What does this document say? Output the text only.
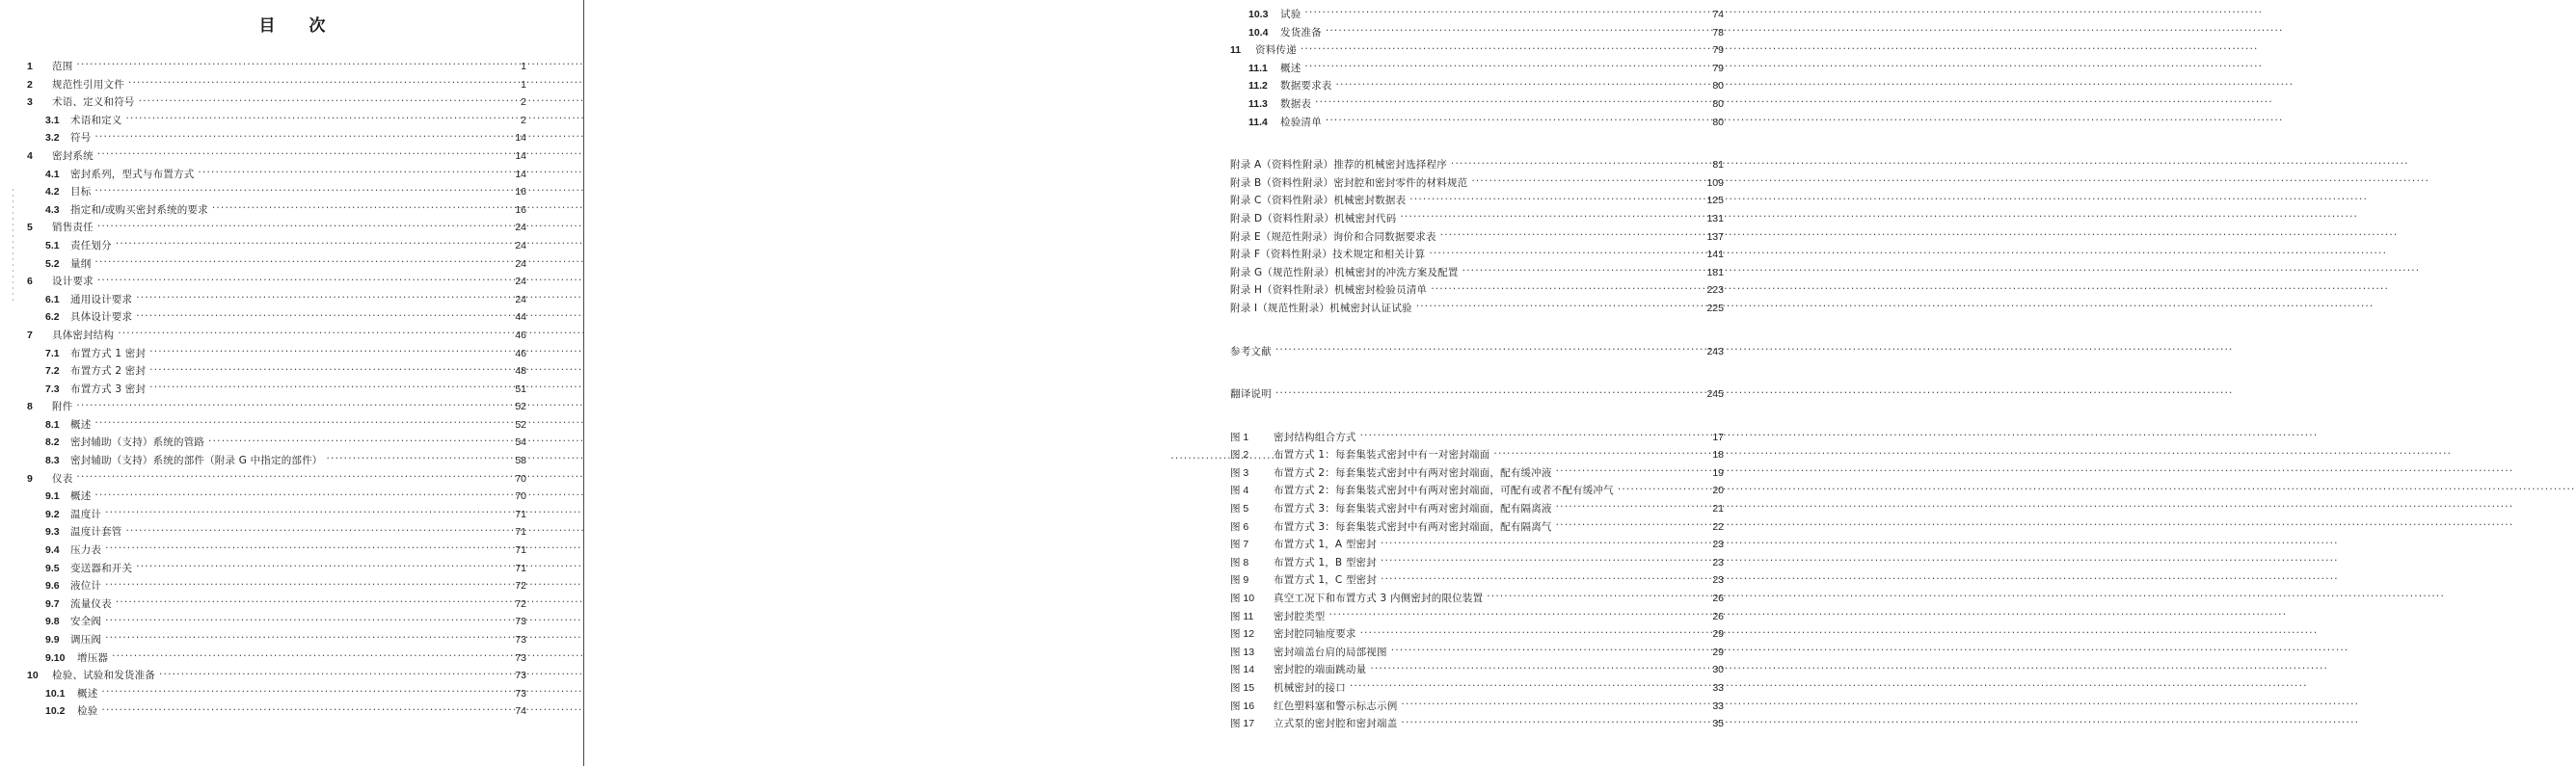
目　次
1	范围 .....	1
2	规范性引用文件 .....	1
3	术语、定义和符号 .....	2
3.1	术语和定义 .....	2
3.2	符号 .....	14
4	密封系统 .....	14
4.1	密封系列，型式与布置方式 .....	14
4.2	目标 .....	16
4.3	指定和/或购买密封系统的要求 .....	16
5	销售责任 .....	24
5.1	责任划分 .....	24
5.2	量纲 .....	24
6	设计要求 .....	24
6.1	通用设计要求 .....	24
6.2	具体设计要求 .....	44
7	具体密封结构 .....	46
7.1	布置方式 1 密封 .....	46
7.2	布置方式 2 密封 .....	48
7.3	布置方式 3 密封 .....	51
8	附件 .....	52
8.1	概述 .....	52
8.2	密封辅助（支持）系统的管路 .....	54
8.3	密封辅助（支持）系统的部件（附录 G 中指定的部件） .....	58
9	仪表 .....	70
9.1	概述 .....	70
9.2	温度计 .....	71
9.3	温度计套管 .....	71
9.4	压力表 .....	71
9.5	变送器和开关 .....	71
9.6	液位计 .....	72
9.7	流量仪表 .....	72
9.8	安全阀 .....	73
9.9	调压阀 .....	73
9.10	增压器 .....	73
10	检验、试验和发货准备 .....	73
10.1	概述 .....	73
10.2	检验 .....	74
10.3	试验 .....	74
10.4	发货准备 .....	78
11	资料传递 .....	79
11.1	概述 .....	79
11.2	数据要求表 .....	80
11.3	数据表 .....	80
11.4	检验清单 .....	80
附录 A（资料性附录）推荐的机械密封选择程序 .....	81
附录 B（资料性附录）密封腔和密封零件的材料规范 .....	109
附录 C（资料性附录）机械密封数据表 .....	125
附录 D（资料性附录）机械密封代码 .....	131
附录 E（规范性附录）询价和合同数据要求表 .....	137
附录 F（资料性附录）技术规定和相关计算 .....	141
附录 G（规范性附录）机械密封的冲洗方案及配置 .....	181
附录 H（资料性附录）机械密封检验员清单 .....	223
附录 I（规范性附录）机械密封认证试验 .....	225
参考文献 .....	243
翻译说明 .....	245
图 1	密封结构组合方式 .....	17
图 2	布置方式 1：每套集装式密封中有一对密封端面 .....	18
图 3	布置方式 2：每套集装式密封中有两对密封端面，配有缓冲液 .....	19
图 4	布置方式 2：每套集装式密封中有两对密封端面，可配有或者不配有缓冲气 .....	20
图 5	布置方式 3：每套集装式密封中有两对密封端面，配有隔离液 .....	21
图 6	布置方式 3：每套集装式密封中有两对密封端面，配有隔离气 .....	22
图 7	布置方式 1，A 型密封 .....	23
图 8	布置方式 1，B 型密封 .....	23
图 9	布置方式 1，C 型密封 .....	23
图 10	真空工况下和布置方式 3 内侧密封的限位装置 .....	26
图 11	密封腔类型 .....	26
图 12	密封腔同轴度要求 .....	29
图 13	密封端盖台肩的局部视图 .....	29
图 14	密封腔的端面跳动量 .....	30
图 15	机械密封的接口 .....	33
图 16	红色塑料塞和警示标志示例 .....	33
图 17	立式泵的密封腔和密封端盖 .....	35
